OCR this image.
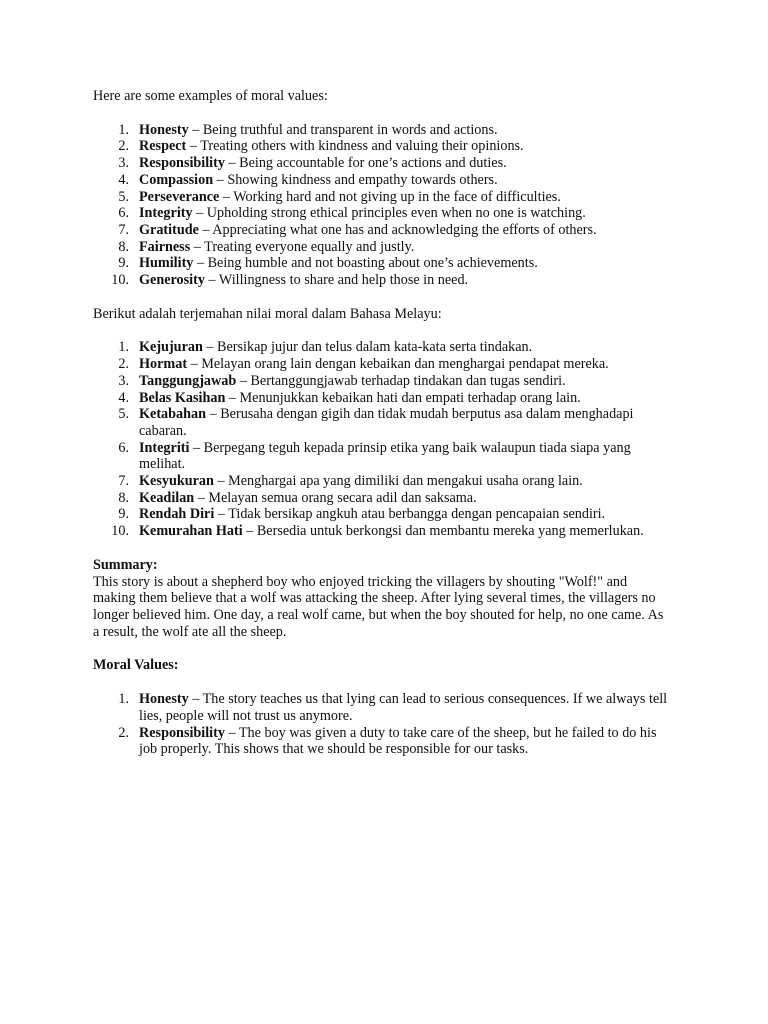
Here are some examples of moral values:

1. Honesty – Being truthful and transparent in words and actions.
2. Respect – Treating others with kindness and valuing their opinions.
3. Responsibility – Being accountable for one’s actions and duties.
4. Compassion – Showing kindness and empathy towards others.
5. Perseverance – Working hard and not giving up in the face of difficulties.
6. Integrity – Upholding strong ethical principles even when no one is watching.
7. Gratitude – Appreciating what one has and acknowledging the efforts of others.
8. Fairness – Treating everyone equally and justly.
9. Humility – Being humble and not boasting about one’s achievements.
10. Generosity – Willingness to share and help those in need.

Berikut adalah terjemahan nilai moral dalam Bahasa Melayu:

1. Kejujuran – Bersikap jujur dan telus dalam kata-kata serta tindakan.
2. Hormat – Melayan orang lain dengan kebaikan dan menghargai pendapat mereka.
3. Tanggungjawab – Bertanggungjawab terhadap tindakan dan tugas sendiri.
4. Belas Kasihan – Menunjukkan kebaikan hati dan empati terhadap orang lain.
5. Ketabahan – Berusaha dengan gigih dan tidak mudah berputus asa dalam menghadapi cabaran.
6. Integriti – Berpegang teguh kepada prinsip etika yang baik walaupun tiada siapa yang melihat.
7. Kesyukuran – Menghargai apa yang dimiliki dan mengakui usaha orang lain.
8. Keadilan – Melayan semua orang secara adil dan saksama.
9. Rendah Diri – Tidak bersikap angkuh atau berbangga dengan pencapaian sendiri.
10. Kemurahan Hati – Bersedia untuk berkongsi dan membantu mereka yang memerlukan.

Summary:

This story is about a shepherd boy who enjoyed tricking the villagers by shouting "Wolf!" and making them believe that a wolf was attacking the sheep. After lying several times, the villagers no longer believed him. One day, a real wolf came, but when the boy shouted for help, no one came. As a result, the wolf ate all the sheep.

Moral Values:

1. Honesty – The story teaches us that lying can lead to serious consequences. If we always tell lies, people will not trust us anymore.
2. Responsibility – The boy was given a duty to take care of the sheep, but he failed to do his job properly. This shows that we should be responsible for our tasks.
